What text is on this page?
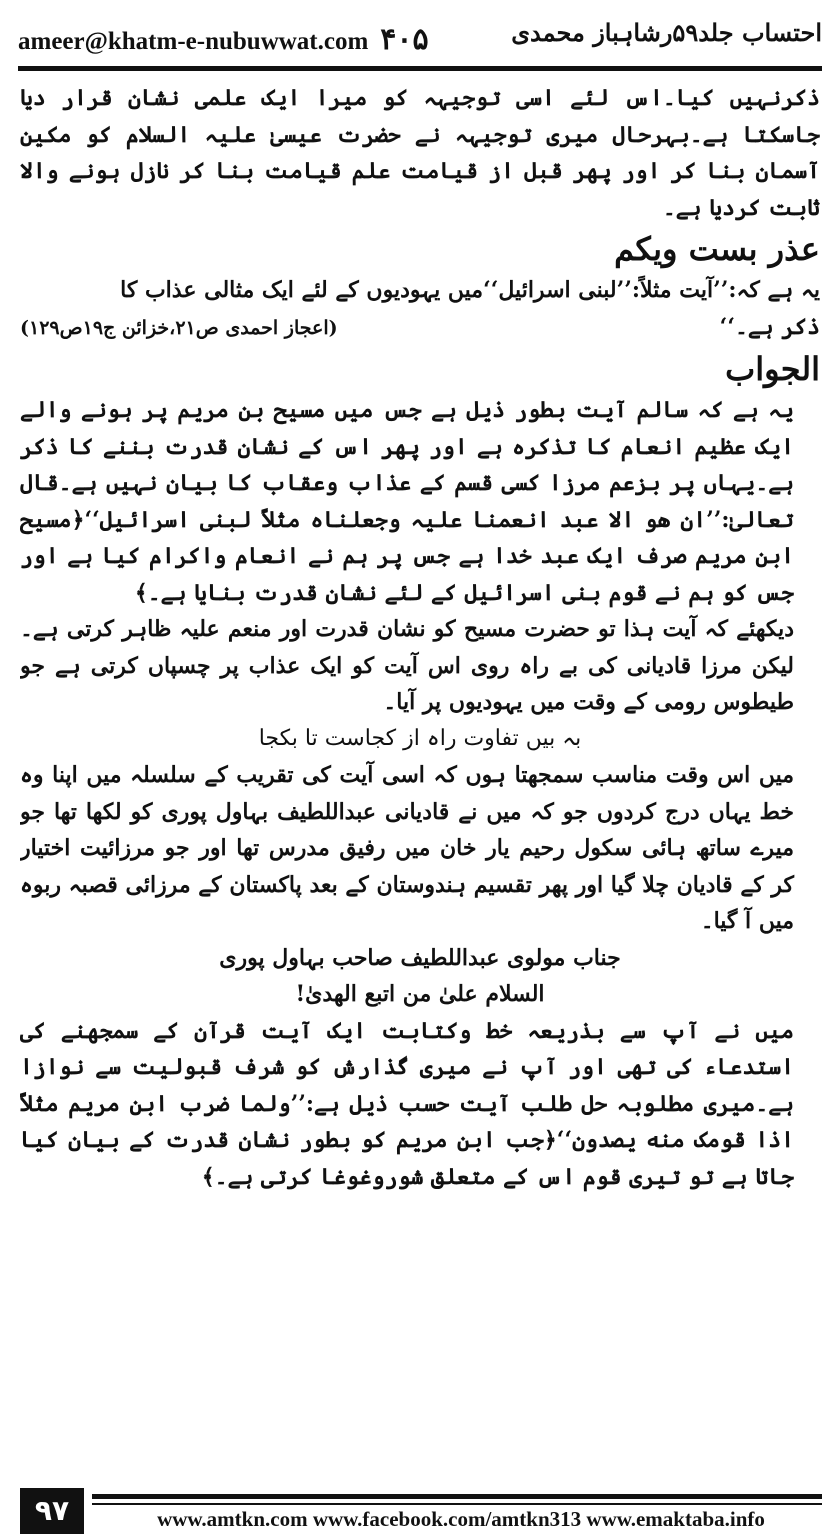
ameer@khatm-e-nubuwwat.com ۴۰۵	احتساب جلد۵۹رشاہباز محمدی

ذکرنہیں کیا۔اس لئے اسی توجیہہ کو میرا ایک علمی نشان قرار دیا جاسکتا ہے۔بہرحال میری توجیہہ نے حضرت عیسیٰ علیہ السلام کو مکین آسمان بنا کر اور پھر قبل از قیامت علم قیامت بنا کر نازل ہونے والا ثابت کردیا ہے۔

عذر بست ویکم

یہ ہے کہ:’’آیت مثلاً:’’لبنی اسرائیل‘‘میں یہودیوں کے لئے ایک مثالی عذاب کا

ذکر ہے۔‘‘
(اعجاز احمدی ص۲۱،خزائن ج۱۹ص۱۲۹)

الجواب

یہ ہے کہ سالم آیت بطور ذیل ہے جس میں مسیح بن مریم پر ہونے والے ایک عظیم انعام کا تذکرہ ہے اور پھر اس کے نشان قدرت بننے کا ذکر ہے۔یہاں پر بزعم مرزا کسی قسم کے عذاب وعقاب کا بیان نہیں ہے۔قال تعالیٰ:’’ان ھو الا عبد انعمنا علیہ وجعلناہ مثلاً لبنی اسرائیل‘‘﴿مسیح ابن مریم صرف ایک عبد خدا ہے جس پر ہم نے انعام واکرام کیا ہے اور جس کو ہم نے قوم بنی اسرائیل کے لئے نشان قدرت بنایا ہے۔﴾

دیکھئے کہ آیت ہذا تو حضرت مسیح کو نشان قدرت اور منعم علیہ ظاہر کرتی ہے۔لیکن مرزا قادیانی کی بے راہ روی اس آیت کو ایک عذاب پر چسپاں کرتی ہے جو طیطوس رومی کے وقت میں یہودیوں پر آیا۔

بہ بیں تفاوت راہ از کجاست تا بکجا

میں اس وقت مناسب سمجھتا ہوں کہ اسی آیت کی تقریب کے سلسلہ میں اپنا وہ خط یہاں درج کردوں جو کہ میں نے قادیانی عبداللطیف بہاول پوری کو لکھا تھا جو میرے ساتھ ہائی سکول رحیم یار خان میں رفیق مدرس تھا اور جو مرزائیت اختیار کر کے قادیان چلا گیا اور پھر تقسیم ہندوستان کے بعد پاکستان کے مرزائی قصبہ ربوہ میں آ گیا۔

جناب مولوی عبداللطیف صاحب بہاول پوری

السلام علیٰ من اتبع الهدیٰ!

میں نے آپ سے بذریعہ خط وکتابت ایک آیت قرآن کے سمجھنے کی استدعاء کی تھی اور آپ نے میری گذارش کو شرف قبولیت سے نوازا ہے۔میری مطلوبہ حل طلب آیت حسب ذیل ہے:’’ولما ضرب ابن مریم مثلاً اذا قومک منه یصدون‘‘﴿جب ابن مریم کو بطور نشان قدرت کے بیان کیا جاتا ہے تو تیری قوم اس کے متعلق شوروغوغا کرتی ہے۔﴾

۹۷	www.amtkn.com www.facebook.com/amtkn313 www.emaktaba.info
